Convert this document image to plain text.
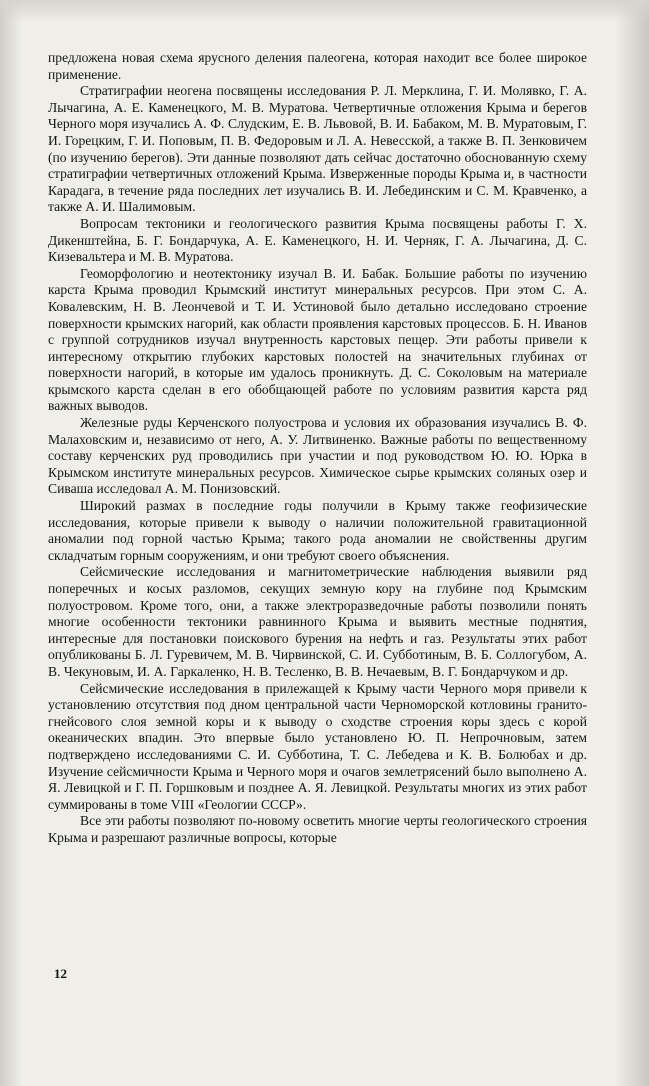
предложена новая схема ярусного деления палеогена, которая находит все более широкое применение.

Стратиграфии неогена посвящены исследования Р. Л. Мерклина, Г. И. Молявко, Г. А. Лычагина, А. Е. Каменецкого, М. В. Муратова. Четвертичные отложения Крыма и берегов Черного моря изучались А. Ф. Слудским, Е. В. Львовой, В. И. Бабаком, М. В. Муратовым, Г. И. Горецким, Г. И. Поповым, П. В. Федоровым и Л. А. Невесской, а также В. П. Зенковичем (по изучению берегов). Эти данные позволяют дать сейчас достаточно обоснованную схему стратиграфии четвертичных отложений Крыма. Изверженные породы Крыма и, в частности Карадага, в течение ряда последних лет изучались В. И. Лебединским и С. М. Кравченко, а также А. И. Шалимовым.

Вопросам тектоники и геологического развития Крыма посвящены работы Г. Х. Дикенштейна, Б. Г. Бондарчука, А. Е. Каменецкого, Н. И. Черняк, Г. А. Лычагина, Д. С. Кизевальтера и М. В. Муратова.

Геоморфологию и неотектонику изучал В. И. Бабак. Большие работы по изучению карста Крыма проводил Крымский институт минеральных ресурсов. При этом С. А. Ковалевским, Н. В. Леончевой и Т. И. Устиновой было детально исследовано строение поверхности крымских нагорий, как области проявления карстовых процессов. Б. Н. Иванов с группой сотрудников изучал внутренность карстовых пещер. Эти работы привели к интересному открытию глубоких карстовых полостей на значительных глубинах от поверхности нагорий, в которые им удалось проникнуть. Д. С. Соколовым на материале крымского карста сделан в его обобщающей работе по условиям развития карста ряд важных выводов.

Железные руды Керченского полуострова и условия их образования изучались В. Ф. Малаховским и, независимо от него, А. У. Литвиненко. Важные работы по вещественному составу керченских руд проводились при участии и под руководством Ю. Ю. Юрка в Крымском институте минеральных ресурсов. Химическое сырье крымских соляных озер и Сиваша исследовал А. М. Понизовский.

Широкий размах в последние годы получили в Крыму также геофизические исследования, которые привели к выводу о наличии положительной гравитационной аномалии под горной частью Крыма; такого рода аномалии не свойственны другим складчатым горным сооружениям, и они требуют своего объяснения.

Сейсмические исследования и магнитометрические наблюдения выявили ряд поперечных и косых разломов, секущих земную кору на глубине под Крымским полуостровом. Кроме того, они, а также электроразведочные работы позволили понять многие особенности тектоники равнинного Крыма и выявить местные поднятия, интересные для постановки поискового бурения на нефть и газ. Результаты этих работ опубликованы Б. Л. Гуревичем, М. В. Чирвинской, С. И. Субботиным, В. Б. Соллогубом, А. В. Чекуновым, И. А. Гаркаленко, Н. В. Тесленко, В. В. Нечаевым, В. Г. Бондарчуком и др.

Сейсмические исследования в прилежащей к Крыму части Черного моря привели к установлению отсутствия под дном центральной части Черноморской котловины гранито-гнейсового слоя земной коры и к выводу о сходстве строения коры здесь с корой океанических впадин. Это впервые было установлено Ю. П. Непрочновым, затем подтверждено исследованиями С. И. Субботина, Т. С. Лебедева и К. В. Болюбах и др. Изучение сейсмичности Крыма и Черного моря и очагов землетрясений было выполнено А. Я. Левицкой и Г. П. Горшковым и позднее А. Я. Левицкой. Результаты многих из этих работ суммированы в томе VIII «Геологии СССР».

Все эти работы позволяют по-новому осветить многие черты геологического строения Крыма и разрешают различные вопросы, которые

12
